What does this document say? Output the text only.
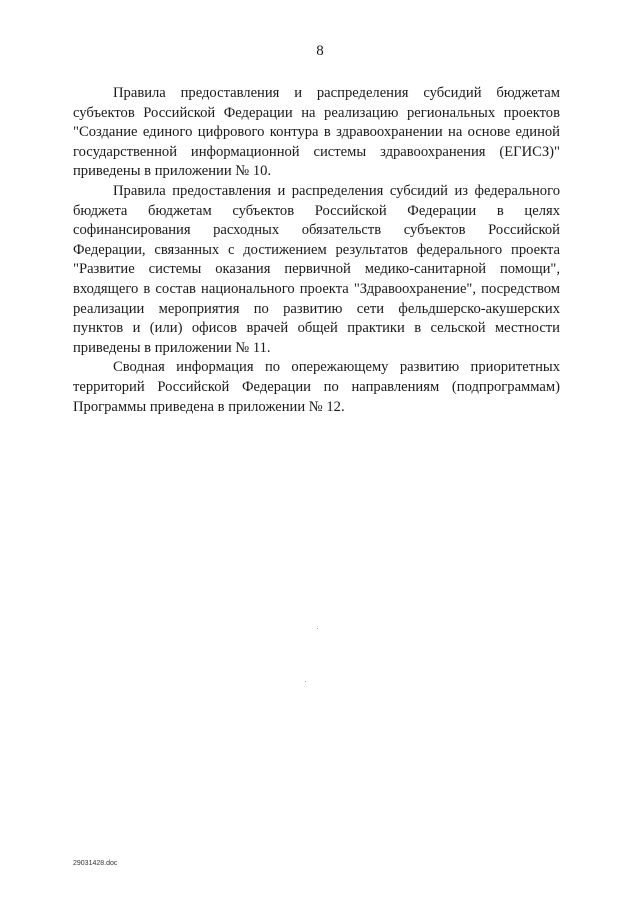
8

Правила предоставления и распределения субсидий бюджетам субъектов Российской Федерации на реализацию региональных проектов "Создание единого цифрового контура в здравоохранении на основе единой государственной информационной системы здравоохранения (ЕГИСЗ)" приведены в приложении № 10.

Правила предоставления и распределения субсидий из федерального бюджета бюджетам субъектов Российской Федерации в целях софинансирования расходных обязательств субъектов Российской Федерации, связанных с достижением результатов федерального проекта "Развитие системы оказания первичной медико-санитарной помощи", входящего в состав национального проекта "Здравоохранение", посредством реализации мероприятия по развитию сети фельдшерско-акушерских пунктов и (или) офисов врачей общей практики в сельской местности приведены в приложении № 11.

Сводная информация по опережающему развитию приоритетных территорий Российской Федерации по направлениям (подпрограммам) Программы приведена в приложении № 12.

29031428.doc
